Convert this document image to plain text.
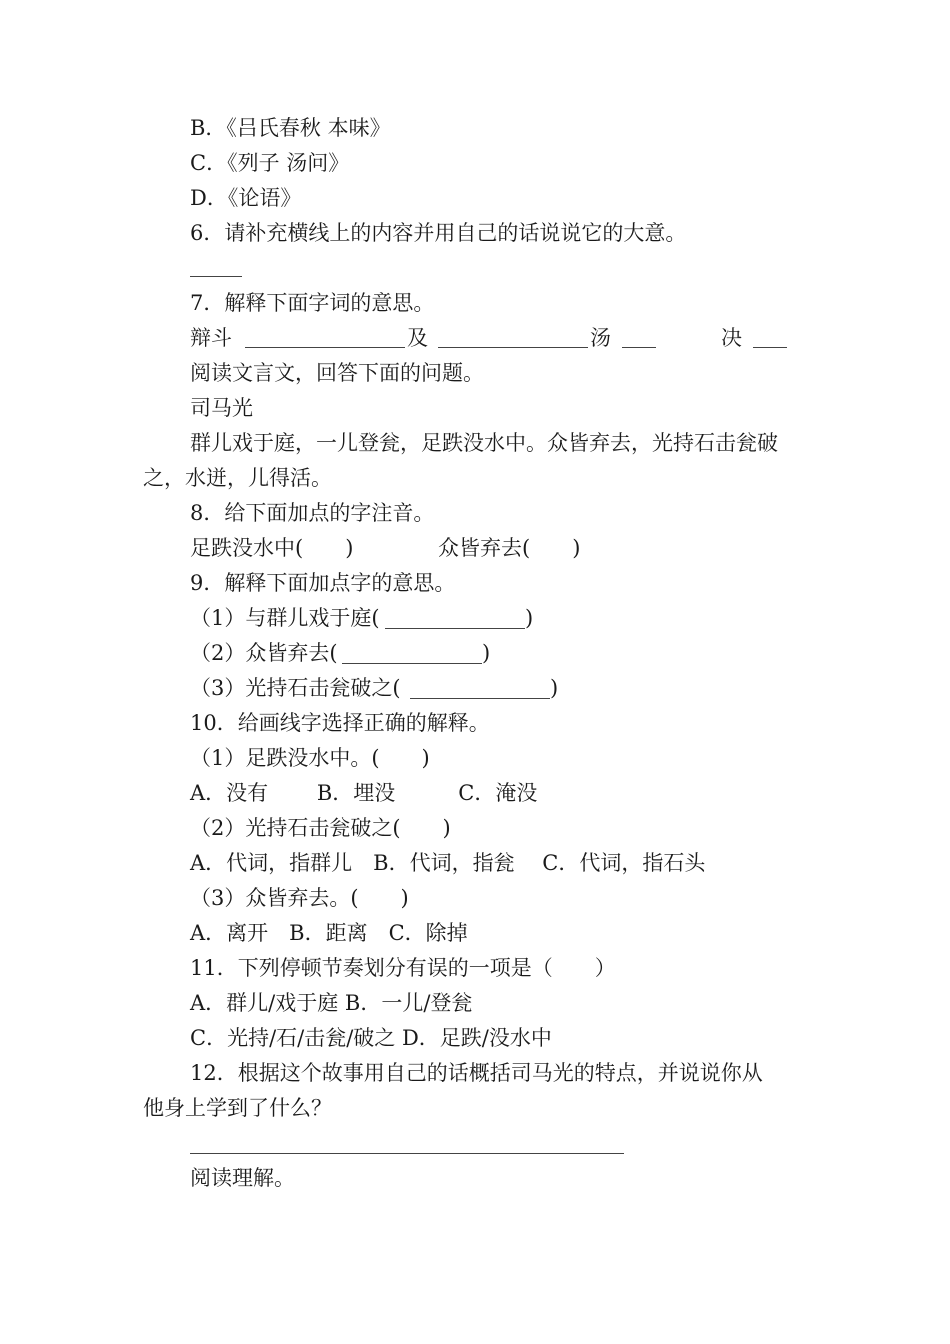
B．《吕氏春秋 本味》
C．《列子 汤问》
D．《论语》
6．请补充横线上的内容并用自己的话说说它的大意。
7．解释下面字词的意思。
辩斗	及	汤	决
阅读文言文，回答下面的问题。
司马光
群儿戏于庭，一儿登瓮，足跌没水中。众皆弃去，光持石击瓮破
之，水迸，儿得活。
8．给下面加点的字注音。
足跌没水中(　　)	众皆弃去(　　)
9．解释下面加点字的意思。
（1）与群儿戏于庭(	)
（2）众皆弃去(	)
（3）光持石击瓮破之(	)
10．给画线字选择正确的解释。
（1）足跌没水中。(　　)
A．没有　　 B．埋没　　　C．淹没
（2）光持石击瓮破之(　　)
A．代词，指群儿　B．代词，指瓮　 C．代词，指石头
（3）众皆弃去。(　　)
A．离开　B．距离　C．除掉
11．下列停顿节奏划分有误的一项是（　　）
A．群儿/戏于庭 B．一儿/登瓮
C．光持/石/击瓮/破之 D．足跌/没水中
12．根据这个故事用自己的话概括司马光的特点，并说说你从
他身上学到了什么？
阅读理解。
